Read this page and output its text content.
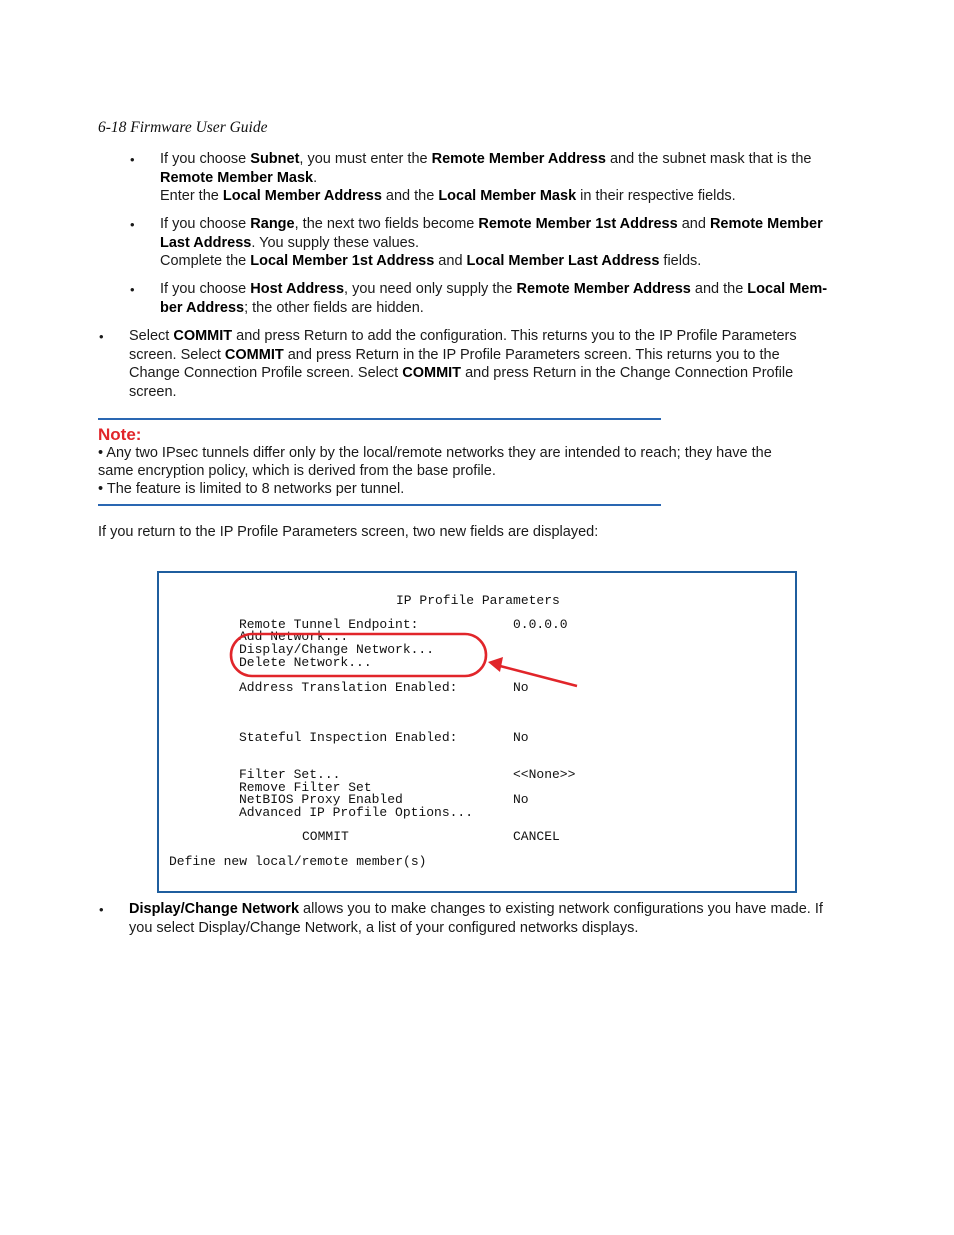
6-18 Firmware User Guide
• If you choose Subnet, you must enter the Remote Member Address and the subnet mask that is the
Remote Member Mask.
Enter the Local Member Address and the Local Member Mask in their respective fields.
• If you choose Range, the next two fields become Remote Member 1st Address and Remote Member
Last Address. You supply these values.
Complete the Local Member 1st Address and Local Member Last Address fields.
• If you choose Host Address, you need only supply the Remote Member Address and the Local Mem-
ber Address; the other fields are hidden.
• Select COMMIT and press Return to add the configuration. This returns you to the IP Profile Parameters
screen. Select COMMIT and press Return in the IP Profile Parameters screen. This returns you to the
Change Connection Profile screen. Select COMMIT and press Return in the Change Connection Profile
screen.
Note:
• Any two IPsec tunnels differ only by the local/remote networks they are intended to reach; they have the
same encryption policy, which is derived from the base profile.
• The feature is limited to 8 networks per tunnel.
If you return to the IP Profile Parameters screen, two new fields are displayed:
IP Profile Parameters
Remote Tunnel Endpoint:	0.0.0.0
Add Network...
Display/Change Network...
Delete Network...
Address Translation Enabled:	No
Stateful Inspection Enabled:	No
Filter Set...	<<None>>
Remove Filter Set
NetBIOS Proxy Enabled	No
Advanced IP Profile Options...
COMMIT	CANCEL
Define new local/remote member(s)
• Display/Change Network allows you to make changes to existing network configurations you have made. If
you select Display/Change Network, a list of your configured networks displays.
